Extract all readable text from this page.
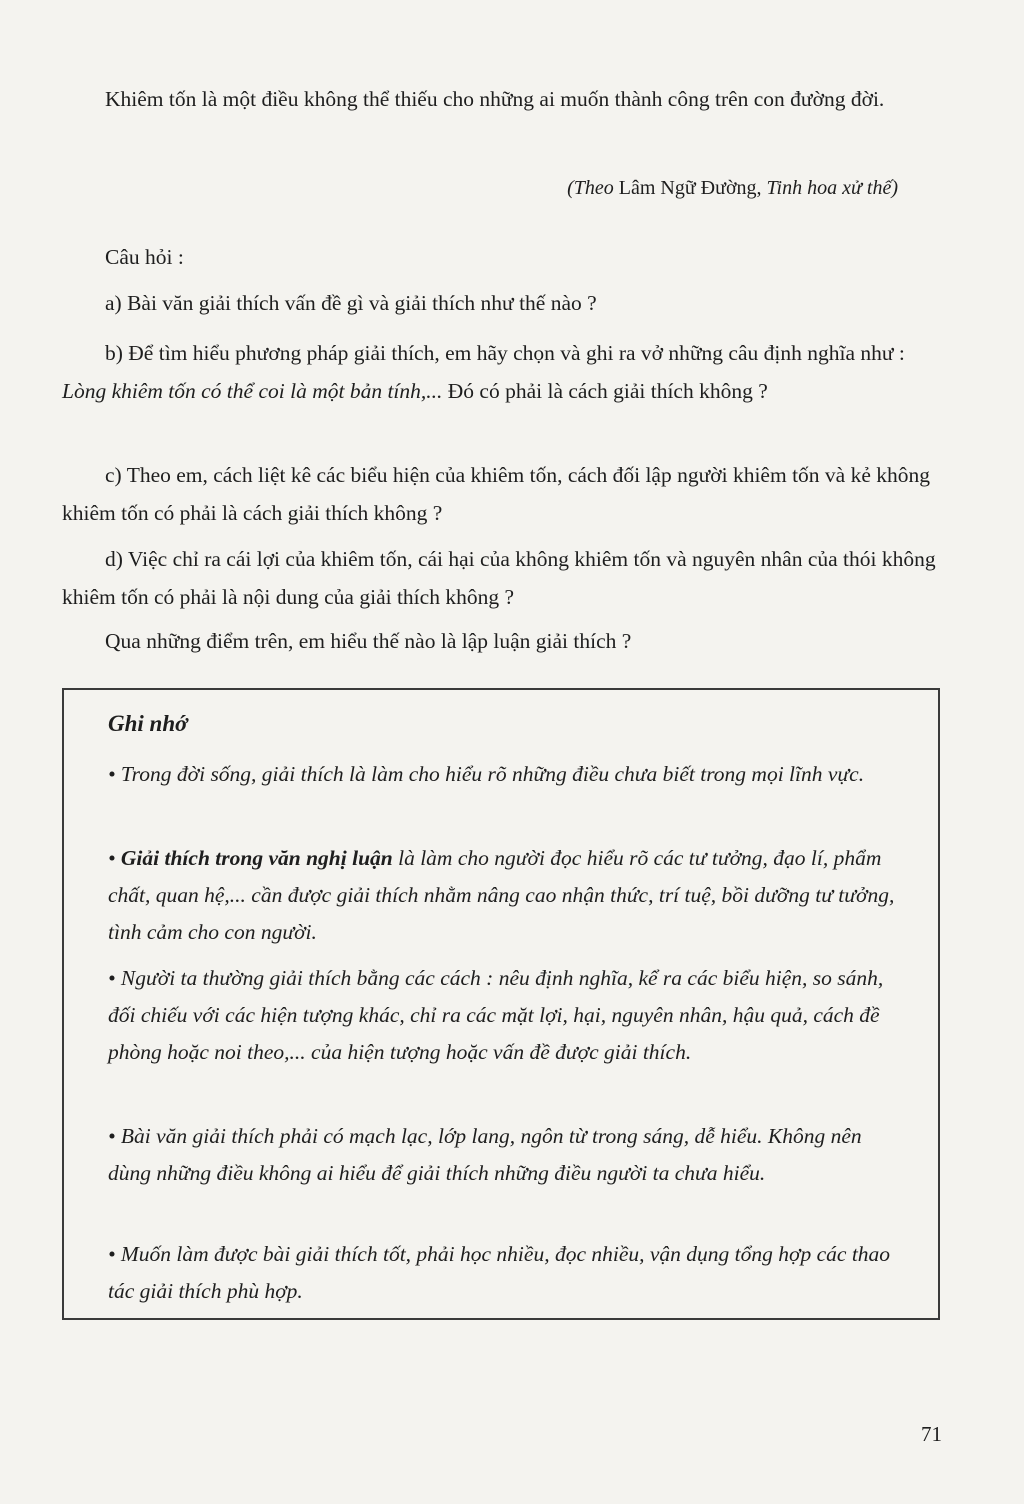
Khiêm tốn là một điều không thể thiếu cho những ai muốn thành công trên con đường đời.

(Theo Lâm Ngữ Đường, Tinh hoa xử thế)

Câu hỏi :

a) Bài văn giải thích vấn đề gì và giải thích như thế nào ?

b) Để tìm hiểu phương pháp giải thích, em hãy chọn và ghi ra vở những câu định nghĩa như : Lòng khiêm tốn có thể coi là một bản tính,... Đó có phải là cách giải thích không ?

c) Theo em, cách liệt kê các biểu hiện của khiêm tốn, cách đối lập người khiêm tốn và kẻ không khiêm tốn có phải là cách giải thích không ?

d) Việc chỉ ra cái lợi của khiêm tốn, cái hại của không khiêm tốn và nguyên nhân của thói không khiêm tốn có phải là nội dung của giải thích không ?

Qua những điểm trên, em hiểu thế nào là lập luận giải thích ?

Ghi nhớ

• Trong đời sống, giải thích là làm cho hiểu rõ những điều chưa biết trong mọi lĩnh vực.

• Giải thích trong văn nghị luận là làm cho người đọc hiểu rõ các tư tưởng, đạo lí, phẩm chất, quan hệ,... cần được giải thích nhằm nâng cao nhận thức, trí tuệ, bồi dưỡng tư tưởng, tình cảm cho con người.

• Người ta thường giải thích bằng các cách : nêu định nghĩa, kể ra các biểu hiện, so sánh, đối chiếu với các hiện tượng khác, chỉ ra các mặt lợi, hại, nguyên nhân, hậu quả, cách đề phòng hoặc noi theo,... của hiện tượng hoặc vấn đề được giải thích.

• Bài văn giải thích phải có mạch lạc, lớp lang, ngôn từ trong sáng, dễ hiểu. Không nên dùng những điều không ai hiểu để giải thích những điều người ta chưa hiểu.

• Muốn làm được bài giải thích tốt, phải học nhiều, đọc nhiều, vận dụng tổng hợp các thao tác giải thích phù hợp.

71
